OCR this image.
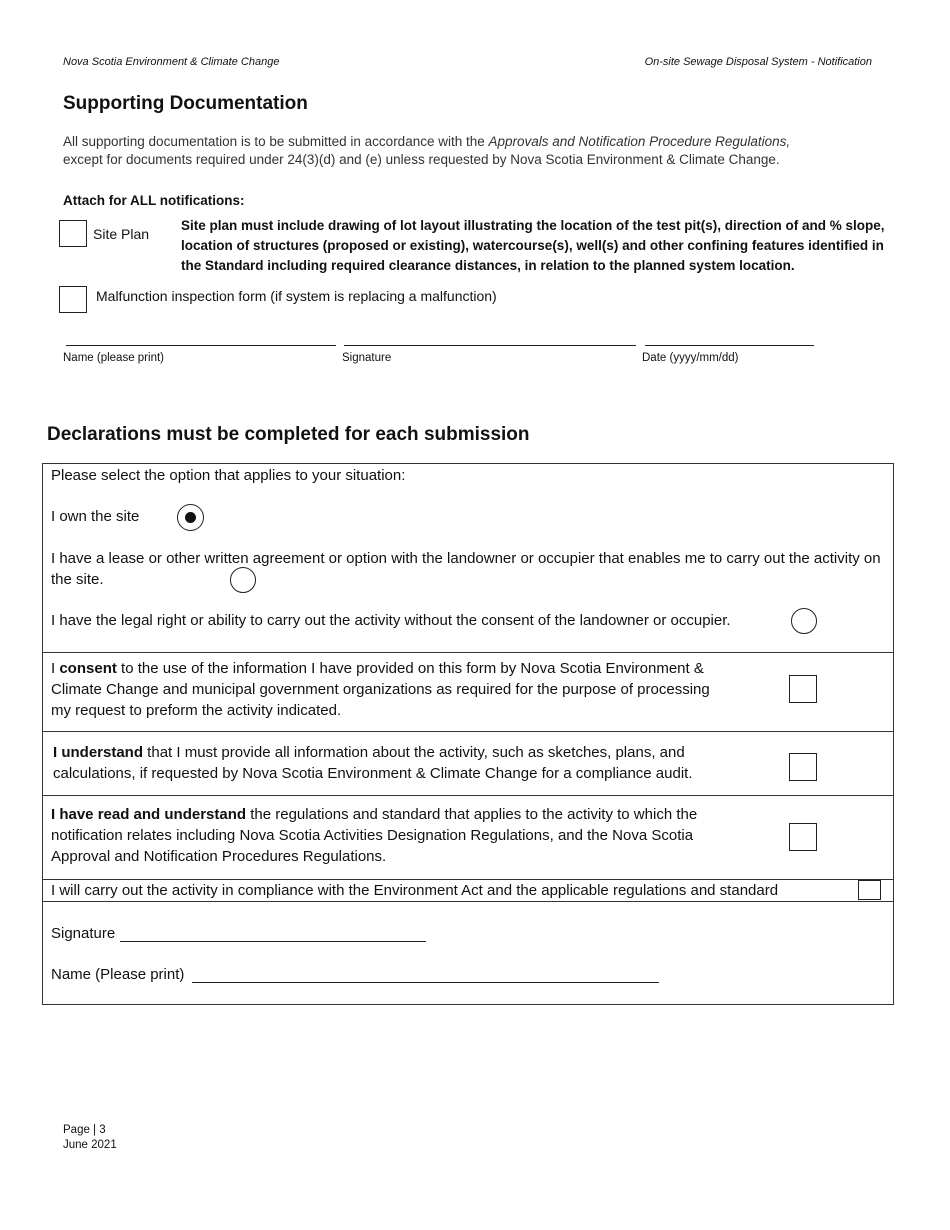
Nova Scotia Environment & Climate Change	On-site Sewage Disposal System - Notification
Supporting Documentation
All supporting documentation is to be submitted in accordance with the Approvals and Notification Procedure Regulations,
except for documents required under 24(3)(d) and (e) unless requested by Nova Scotia Environment & Climate Change.
Attach for ALL notifications:
Site Plan
Site plan must include drawing of lot layout illustrating the location of the test pit(s), direction of and % slope, location of structures (proposed or existing), watercourse(s), well(s) and other confining features identified in the Standard including required clearance distances, in relation to the planned system location.
Malfunction inspection form (if system is replacing a malfunction)
Name (please print)	Signature	Date (yyyy/mm/dd)
Declarations must be completed for each submission
Please select the option that applies to your situation:
I own the site
I have a lease or other written agreement or option with the landowner or occupier that enables me to carry out the activity on the site.
I have the legal right or ability to carry out the activity without the consent of the landowner or occupier.
I consent to the use of the information I have provided on this form by Nova Scotia Environment & Climate Change and municipal government organizations as required for the purpose of processing my request to preform the activity indicated.
I understand that I must provide all information about the activity, such as sketches, plans, and calculations, if requested by Nova Scotia Environment & Climate Change for a compliance audit.
I have read and understand the regulations and standard that applies to the activity to which the notification relates including Nova Scotia Activities Designation Regulations, and the Nova Scotia Approval and Notification Procedures Regulations.
I will carry out the activity in compliance with the Environment Act and the applicable regulations and standard
Signature
Name (Please print)
Page | 3
June 2021
